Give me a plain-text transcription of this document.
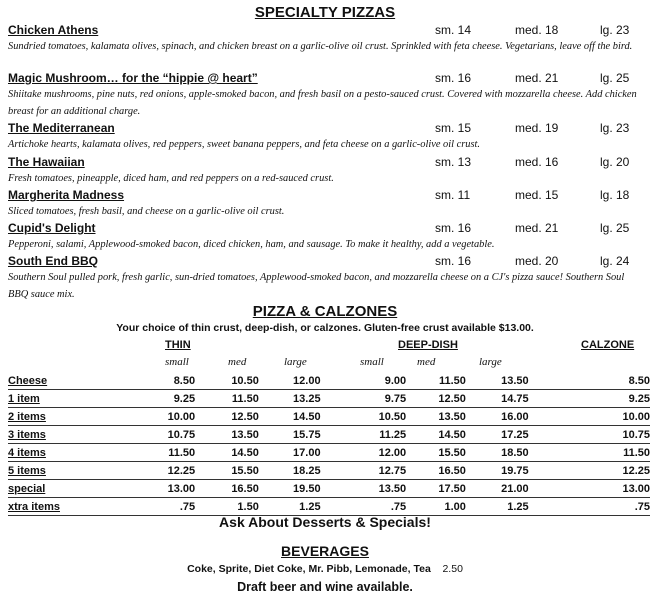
SPECIALTY PIZZAS
Chicken Athens	sm. 14	med. 18	lg. 23
Sundried tomatoes, kalamata olives, spinach, and chicken breast on a garlic-olive oil crust. Sprinkled with feta cheese. Vegetarians, leave off the bird.
Magic Mushroom… for the “hippie @ heart”	sm. 16	med. 21	lg. 25
Shiitake mushrooms, pine nuts, red onions, apple-smoked bacon, and fresh basil on a pesto-sauced crust. Covered with mozzarella cheese. Add chicken breast for an additional charge.
The Mediterranean	sm. 15	med. 19	lg. 23
Artichoke hearts, kalamata olives, red peppers, sweet banana peppers, and feta cheese on a garlic-olive oil crust.
The Hawaiian	sm. 13	med. 16	lg. 20
Fresh tomatoes, pineapple, diced ham, and red peppers on a red-sauced crust.
Margherita Madness	sm. 11	med. 15	lg. 18
Sliced tomatoes, fresh basil, and cheese on a garlic-olive oil crust.
Cupid's Delight	sm. 16	med. 21	lg. 25
Pepperoni, salami, Applewood-smoked bacon, diced chicken, ham, and sausage. To make it healthy, add a vegetable.
South End BBQ	sm. 16	med. 20	lg. 24
Southern Soul pulled pork, fresh garlic, sun-dried tomatoes, Applewood-smoked bacon, and mozzarella cheese on a CJ's pizza sauce! Southern Soul BBQ sauce mix.
PIZZA & CALZONES
Your choice of thin crust, deep-dish, or calzones. Gluten-free crust available $13.00.
THIN	DEEP-DISH	CALZONE
small	med	large	small	med	large
Cheese	8.50	10.50	12.00	9.00	11.50	13.50	8.50
1 item	9.25	11.50	13.25	9.75	12.50	14.75	9.25
2 items	10.00	12.50	14.50	10.50	13.50	16.00	10.00
3 items	10.75	13.50	15.75	11.25	14.50	17.25	10.75
4 items	11.50	14.50	17.00	12.00	15.50	18.50	11.50
5 items	12.25	15.50	18.25	12.75	16.50	19.75	12.25
special	13.00	16.50	19.50	13.50	17.50	21.00	13.00
xtra items	.75	1.50	1.25	.75	1.00	1.25	.75
Ask About Desserts & Specials!
BEVERAGES
Coke, Sprite, Diet Coke, Mr. Pibb, Lemonade, Tea 2.50
Draft beer and wine available.
